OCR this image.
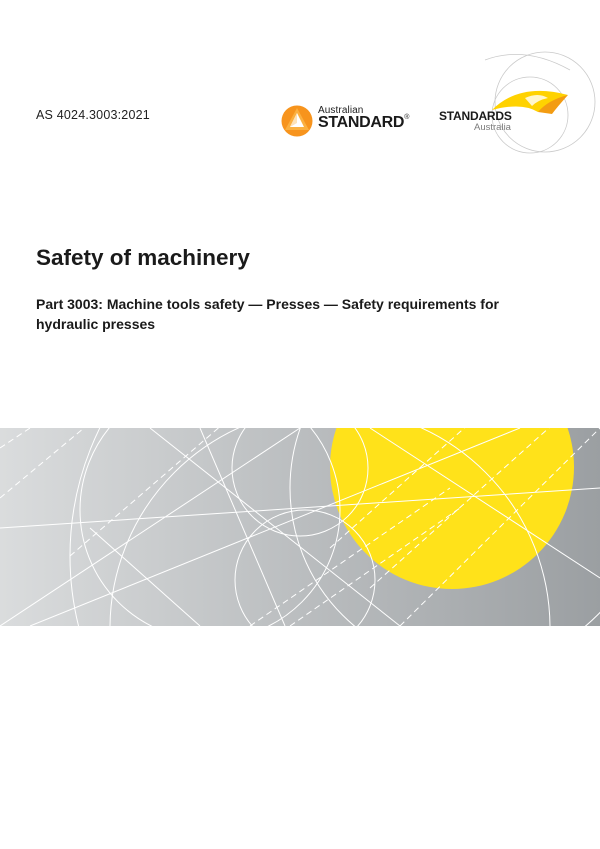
AS 4024.3003:2021	Australian
STANDARD® STANDARDS
Australia
Safety of machinery

Part 3003: Machine tools safety — Presses — Safety requirements for hydraulic presses
